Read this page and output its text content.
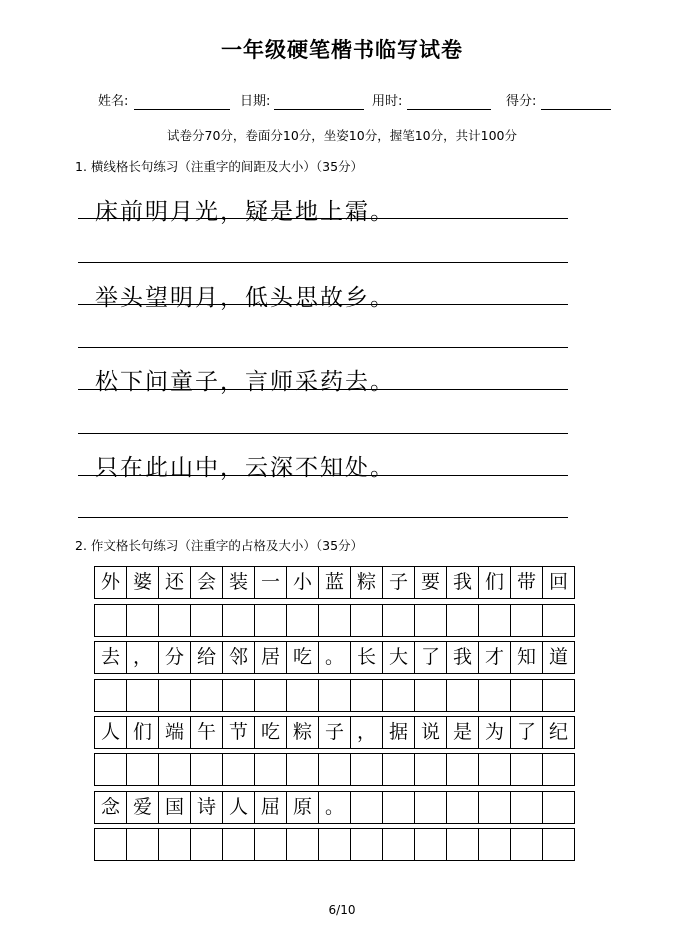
一年级硬笔楷书临写试卷
姓名:	日期:	用时:	得分:
试卷分70分，卷面分10分，坐姿10分，握笔10分，共计100分
1. 横线格长句练习（注重字的间距及大小）（35分）
床前明月光，疑是地上霜。
举头望明月，低头思故乡。
松下问童子，言师采药去。
只在此山中，云深不知处。
2. 作文格长句练习（注重字的占格及大小）（35分）
外 婆 还 会 装 一 小 蓝 粽 子 要 我 们 带 回
去 ， 分 给 邻 居 吃 。 长 大 了 我 才 知 道
人 们 端 午 节 吃 粽 子 ， 据 说 是 为 了 纪
念 爱 国 诗 人 屈 原 。
6/10
